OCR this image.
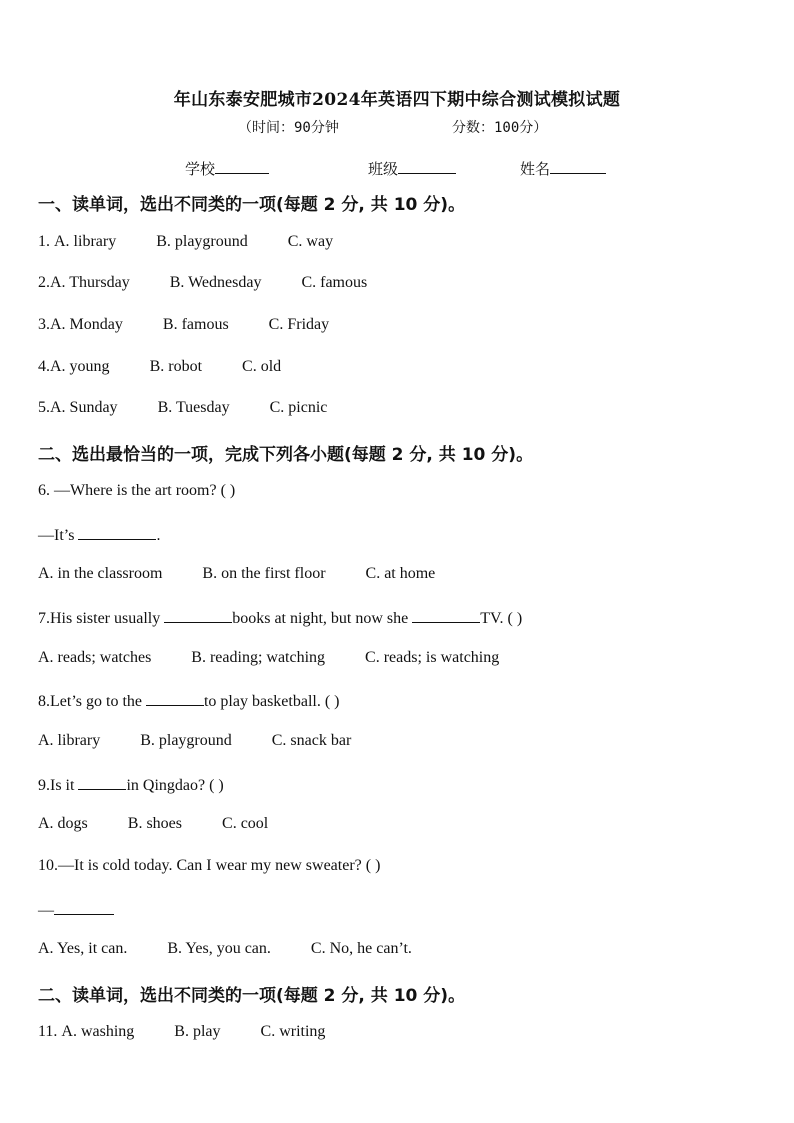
年山东泰安肥城市2024年英语四下期中综合测试模拟试题
（时间：90分钟	分数：100分）
学校	班级	姓名
一、读单词，选出不同类的一项(每题 2 分, 共 10 分)。
1. A. library	B. playground	C. way
2.A. Thursday	B. Wednesday	C. famous
3.A. Monday	B. famous	C. Friday
4.A. young	B. robot	C. old
5.A. Sunday	B. Tuesday	C. picnic
二、选出最恰当的一项，完成下列各小题(每题 2 分, 共 10 分)。
6. —Where is the art room? ( )
—It’s	.
A. in the classroom	B. on the first floor	C. at home
7.His sister usually	books at night, but now she	TV. ( )
A. reads; watches	B. reading; watching	C. reads; is watching
8.Let’s go to the	to play basketball. ( )
A. library	B. playground	C. snack bar
9.Is it	in Qingdao? ( )
A. dogs	B. shoes	C. cool
10.—It is cold today. Can I wear my new sweater? ( )
—
A. Yes, it can.	B. Yes, you can.	C. No, he can’t.
二、读单词，选出不同类的一项(每题 2 分, 共 10 分)。
11. A. washing	B. play	C. writing
